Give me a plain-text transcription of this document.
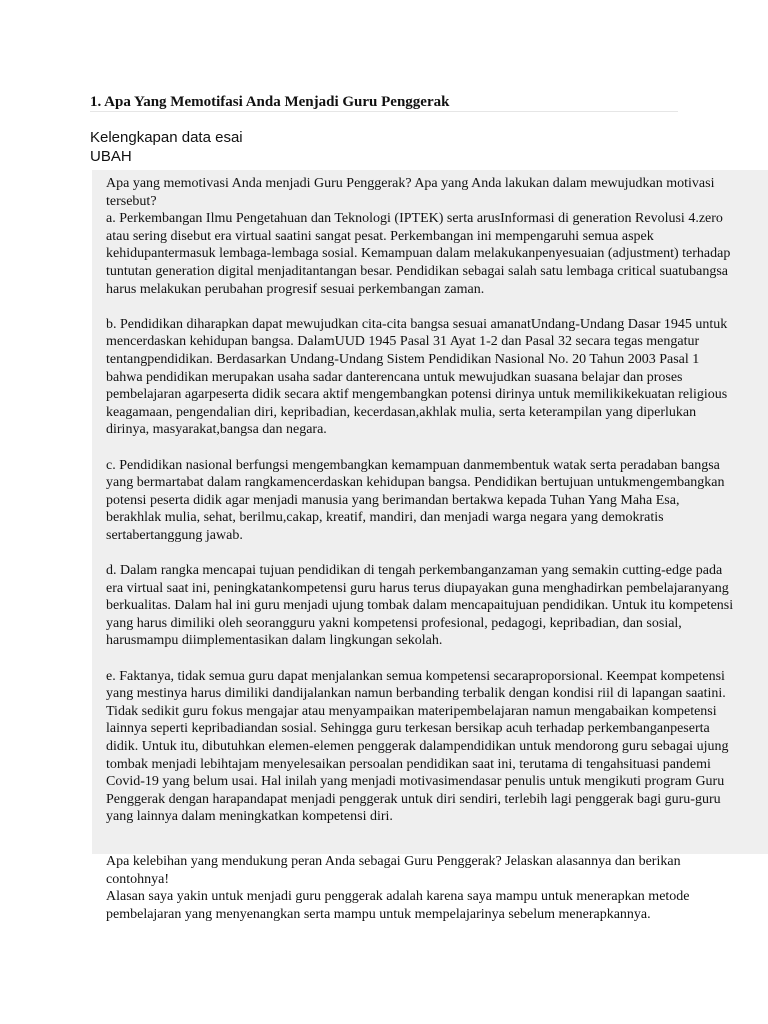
1. Apa Yang Memotifasi Anda Menjadi Guru Penggerak
Kelengkapan data esai
UBAH

Apa yang memotivasi Anda menjadi Guru Penggerak? Apa yang Anda lakukan dalam mewujudkan motivasi tersebut?

a. Perkembangan Ilmu Pengetahuan dan Teknologi (IPTEK) serta arusInformasi di generation Revolusi 4.zero atau sering disebut era virtual saatini sangat pesat. Perkembangan ini mempengaruhi semua aspek kehidupantermasuk lembaga-lembaga sosial. Kemampuan dalam melakukanpenyesuaian (adjustment) terhadap tuntutan generation digital menjaditantangan besar. Pendidikan sebagai salah satu lembaga critical suatubangsa harus melakukan perubahan progresif sesuai perkembangan zaman.

b. Pendidikan diharapkan dapat mewujudkan cita-cita bangsa sesuai amanatUndang-Undang Dasar 1945 untuk mencerdaskan kehidupan bangsa. DalamUUD 1945 Pasal 31 Ayat 1-2 dan Pasal 32 secara tegas mengatur tentangpendidikan. Berdasarkan Undang-Undang Sistem Pendidikan Nasional No. 20 Tahun 2003 Pasal 1 bahwa pendidikan merupakan usaha sadar danterencana untuk mewujudkan suasana belajar dan proses pembelajaran agarpeserta didik secara aktif mengembangkan potensi dirinya untuk memilikikekuatan religious keagamaan, pengendalian diri, kepribadian, kecerdasan,akhlak mulia, serta keterampilan yang diperlukan dirinya, masyarakat,bangsa dan negara.

c. Pendidikan nasional berfungsi mengembangkan kemampuan danmembentuk watak serta peradaban bangsa yang bermartabat dalam rangkamencerdaskan kehidupan bangsa. Pendidikan bertujuan untukmengembangkan potensi peserta didik agar menjadi manusia yang berimandan bertakwa kepada Tuhan Yang Maha Esa, berakhlak mulia, sehat, berilmu,cakap, kreatif, mandiri, dan menjadi warga negara yang demokratis sertabertanggung jawab.

d. Dalam rangka mencapai tujuan pendidikan di tengah perkembanganzaman yang semakin cutting-edge pada era virtual saat ini, peningkatankompetensi guru harus terus diupayakan guna menghadirkan pembelajaranyang berkualitas. Dalam hal ini guru menjadi ujung tombak dalam mencapaitujuan pendidikan. Untuk itu kompetensi yang harus dimiliki oleh seorangguru yakni kompetensi profesional, pedagogi, kepribadian, dan sosial, harusmampu diimplementasikan dalam lingkungan sekolah.

e. Faktanya, tidak semua guru dapat menjalankan semua kompetensi secaraproporsional. Keempat kompetensi yang mestinya harus dimiliki dandijalankan namun berbanding terbalik dengan kondisi riil di lapangan saatini. Tidak sedikit guru fokus mengajar atau menyampaikan materipembelajaran namun mengabaikan kompetensi lainnya seperti kepribadiandan sosial. Sehingga guru terkesan bersikap acuh terhadap perkembanganpeserta didik. Untuk itu, dibutuhkan elemen-elemen penggerak dalampendidikan untuk mendorong guru sebagai ujung tombak menjadi lebihtajam menyelesaikan persoalan pendidikan saat ini, terutama di tengahsituasi pandemi Covid-19 yang belum usai. Hal inilah yang menjadi motivasimendasar penulis untuk mengikuti program Guru Penggerak dengan harapandapat menjadi penggerak untuk diri sendiri, terlebih lagi penggerak bagi guru-guru yang lainnya dalam meningkatkan kompetensi diri.

Apa kelebihan yang mendukung peran Anda sebagai Guru Penggerak? Jelaskan alasannya dan berikan contohnya!

Alasan saya yakin untuk menjadi guru penggerak adalah karena saya mampu untuk menerapkan metode pembelajaran yang menyenangkan serta mampu untuk mempelajarinya sebelum menerapkannya.
